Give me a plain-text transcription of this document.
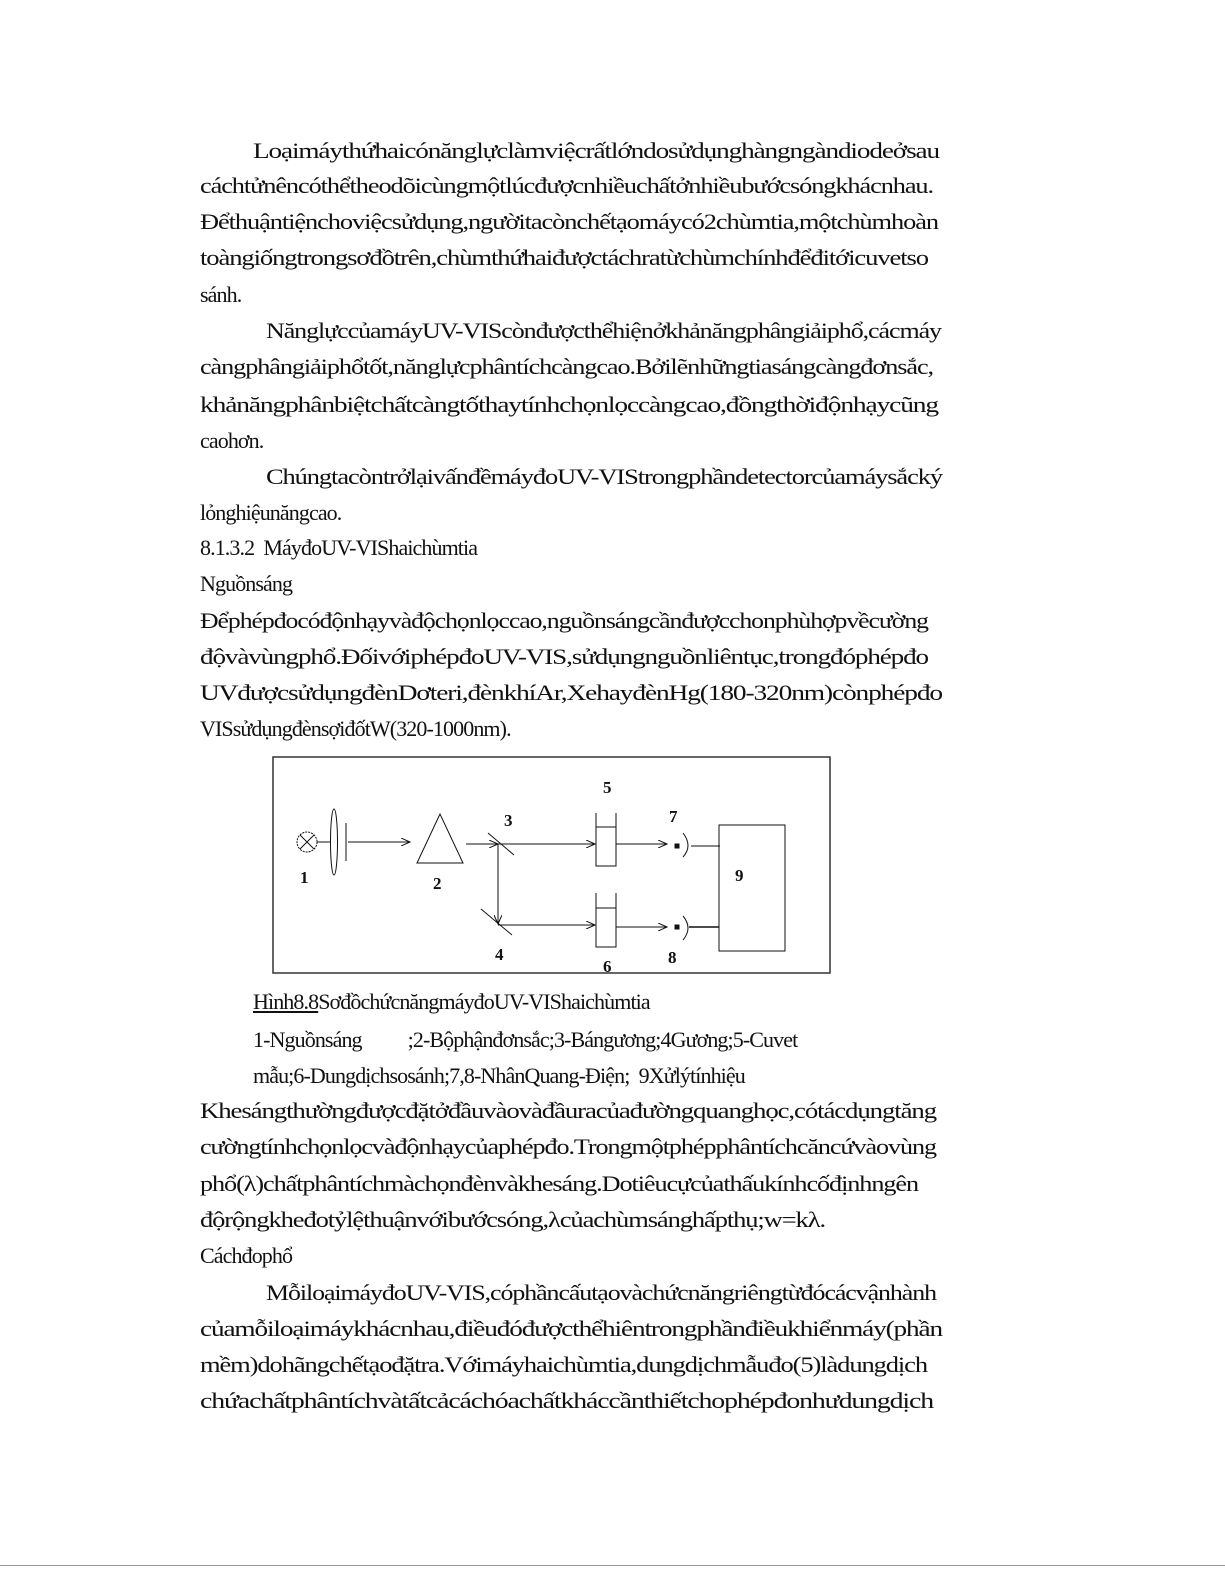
Loạimáythứhaicónănglựclàmviệcrấtlớndosửdụnghàngngàndiodeởsau
cáchtửnêncóthểtheodõicùngmộtlúcđượcnhiềuchấtởnhiềubướcsóngkhácnhau.
Đểthuậntiệnchoviệcsửdụng,ngườitacònchếtạomáycó2chùmtia,mộtchùmhoàn
toàngiốngtrongsơđồtrên,chùmthứhaiđượctáchratừchùmchínhđểđitớicuvetso
sánh.
NănglựccủamáyUV-VIScònđượcthểhiệnởkhảnăngphângiảiphổ,cácmáy
càngphângiảiphổtốt,nănglựcphântíchcàngcao.Bởilẽnhữngtiasángcàngđơnsắc,
khảnăngphânbiệtchấtcàngtốthaytínhchọnlọccàngcao,đồngthờiđộnhạycũng
caohơn.
ChúngtacòntrởlạivấnđềmáyđoUV-VIStrongphầndetectorcủamáysắcký
lỏnghiệunăngcao.
8.1.3.2  MáyđoUV-VIShaichùmtia
Nguồnsáng
Đểphépđocóđộnhạyvàđộchọnlọccao,nguồnsángcầnđượcchonphùhợpvềcường
độvàvùngphổ.ĐốivớiphépđoUV-VIS,sửdụngnguồnliêntục,trongđóphépđo
UVđượcsửdụngđènDơteri,đènkhíAr,XehayđènHg(180-320nm)cònphépđo
VISsửdụngđènsợiđốtW(320-1000nm).
1	2
3
4
5
6
7
8
9
Hình8.8SơđồchứcnăngmáyđoUV-VIShaichùmtia
1-Nguồnsáng          ;2-Bộphậnđơnsắc;3-Bángương;4Gương;5-Cuvet
mẫu;6-Dungdịchsosánh;7,8-NhânQuang-Điện;  9Xửlýtínhiệu
Khesángthườngđượcđặtởđầuvàovàđầuracủađườngquanghọc,cótácdụngtăng
cườngtínhchọnlọcvàđộnhạycủaphépđo.Trongmộtphépphântíchcăncứvàovùng
phổ(λ)chấtphântíchmàchọnđènvàkhesáng.Dotiêucựcủathấukínhcốđịnhngên
độrộngkheđotỷlệthuậnvớibướcsóng,λcủachùmsánghấpthụ;w=kλ.
Cáchđophổ
MỗiloạimáyđoUV-VIS,cóphầncấutạovàchứcnăngriêngtừđócácvậnhành
củamỗiloạimáykhácnhau,điềuđóđượcthểhiêntrongphầnđiềukhiểnmáy(phần
mềm)dohãngchếtạođặtra.Vớimáyhaichùmtia,dungdịchmẫuđo(5)làdungdịch
chứachấtphântíchvàtấtcảcáchóachấtkháccầnthiếtchophépđonhưdungdịch
